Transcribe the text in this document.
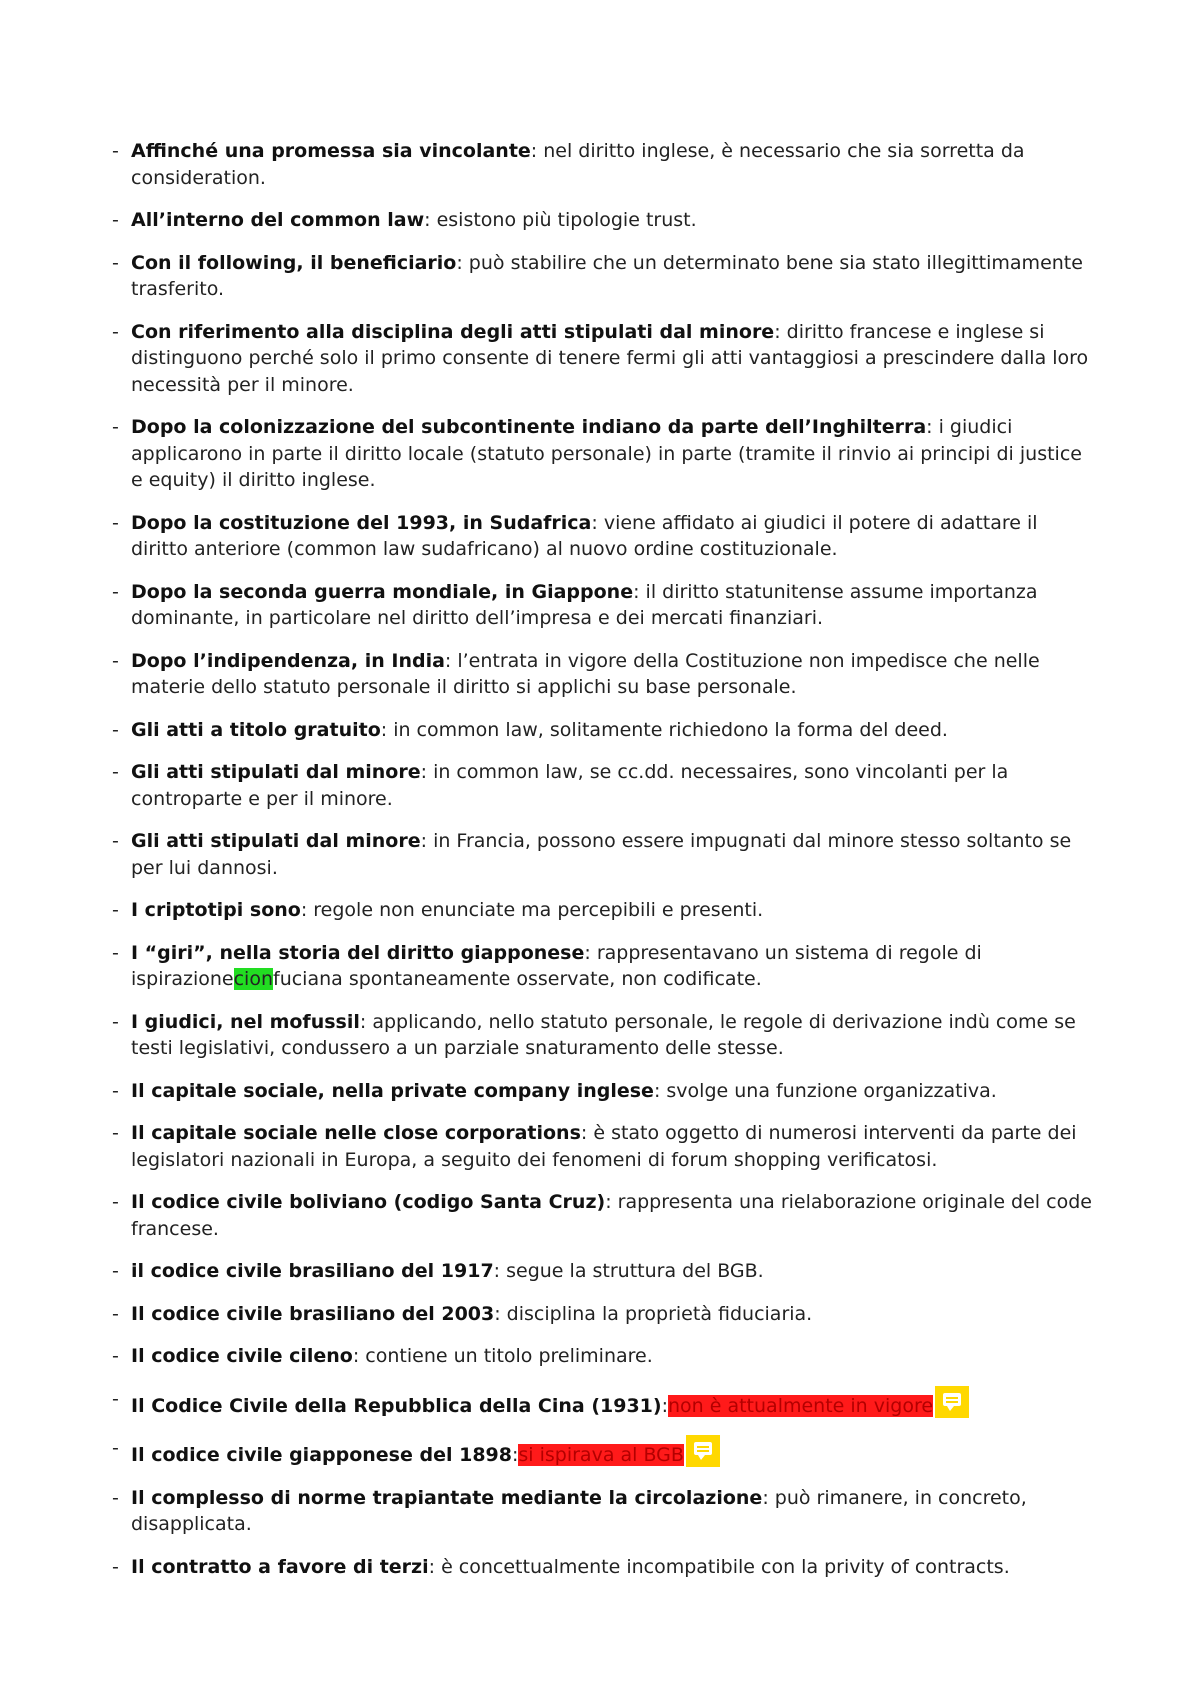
- Affinché una promessa sia vincolante: nel diritto inglese, è necessario che sia sorretta da consideration.
- All’interno del common law: esistono più tipologie trust.
- Con il following, il beneficiario: può stabilire che un determinato bene sia stato illegittimamente trasferito.
- Con riferimento alla disciplina degli atti stipulati dal minore: diritto francese e inglese si distinguono perché solo il primo consente di tenere fermi gli atti vantaggiosi a prescindere dalla loro necessità per il minore.
- Dopo la colonizzazione del subcontinente indiano da parte dell’Inghilterra: i giudici applicarono in parte il diritto locale (statuto personale) in parte (tramite il rinvio ai principi di justice e equity) il diritto inglese.
- Dopo la costituzione del 1993, in Sudafrica: viene affidato ai giudici il potere di adattare il diritto anteriore (common law sudafricano) al nuovo ordine costituzionale.
- Dopo la seconda guerra mondiale, in Giappone: il diritto statunitense assume importanza dominante, in particolare nel diritto dell’impresa e dei mercati finanziari.
- Dopo l’indipendenza, in India: l’entrata in vigore della Costituzione non impedisce che nelle materie dello statuto personale il diritto si applichi su base personale.
- Gli atti a titolo gratuito: in common law, solitamente richiedono la forma del deed.
- Gli atti stipulati dal minore: in common law, se cc.dd. necessaires, sono vincolanti per la controparte e per il minore.
- Gli atti stipulati dal minore: in Francia, possono essere impugnati dal minore stesso soltanto se per lui dannosi.
- I criptotipi sono: regole non enunciate ma percepibili e presenti.
- I “giri”, nella storia del diritto giapponese: rappresentavano un sistema di regole di ispirazionecionfuciana spontaneamente osservate, non codificate.
- I giudici, nel mofussil: applicando, nello statuto personale, le regole di derivazione indù come se testi legislativi, condussero a un parziale snaturamento delle stesse.
- Il capitale sociale, nella private company inglese: svolge una funzione organizzativa.
- Il capitale sociale nelle close corporations: è stato oggetto di numerosi interventi da parte dei legislatori nazionali in Europa, a seguito dei fenomeni di forum shopping verificatosi.
- Il codice civile boliviano (codigo Santa Cruz): rappresenta una rielaborazione originale del code francese.
- il codice civile brasiliano del 1917: segue la struttura del BGB.
- Il codice civile brasiliano del 2003: disciplina la proprietà fiduciaria.
- Il codice civile cileno: contiene un titolo preliminare.
- Il Codice Civile della Repubblica della Cina (1931):non è attualmente in vigore
- Il codice civile giapponese del 1898:si ispirava al BGB
- Il complesso di norme trapiantate mediante la circolazione: può rimanere, in concreto, disapplicata.
- Il contratto a favore di terzi: è concettualmente incompatibile con la privity of contracts.
